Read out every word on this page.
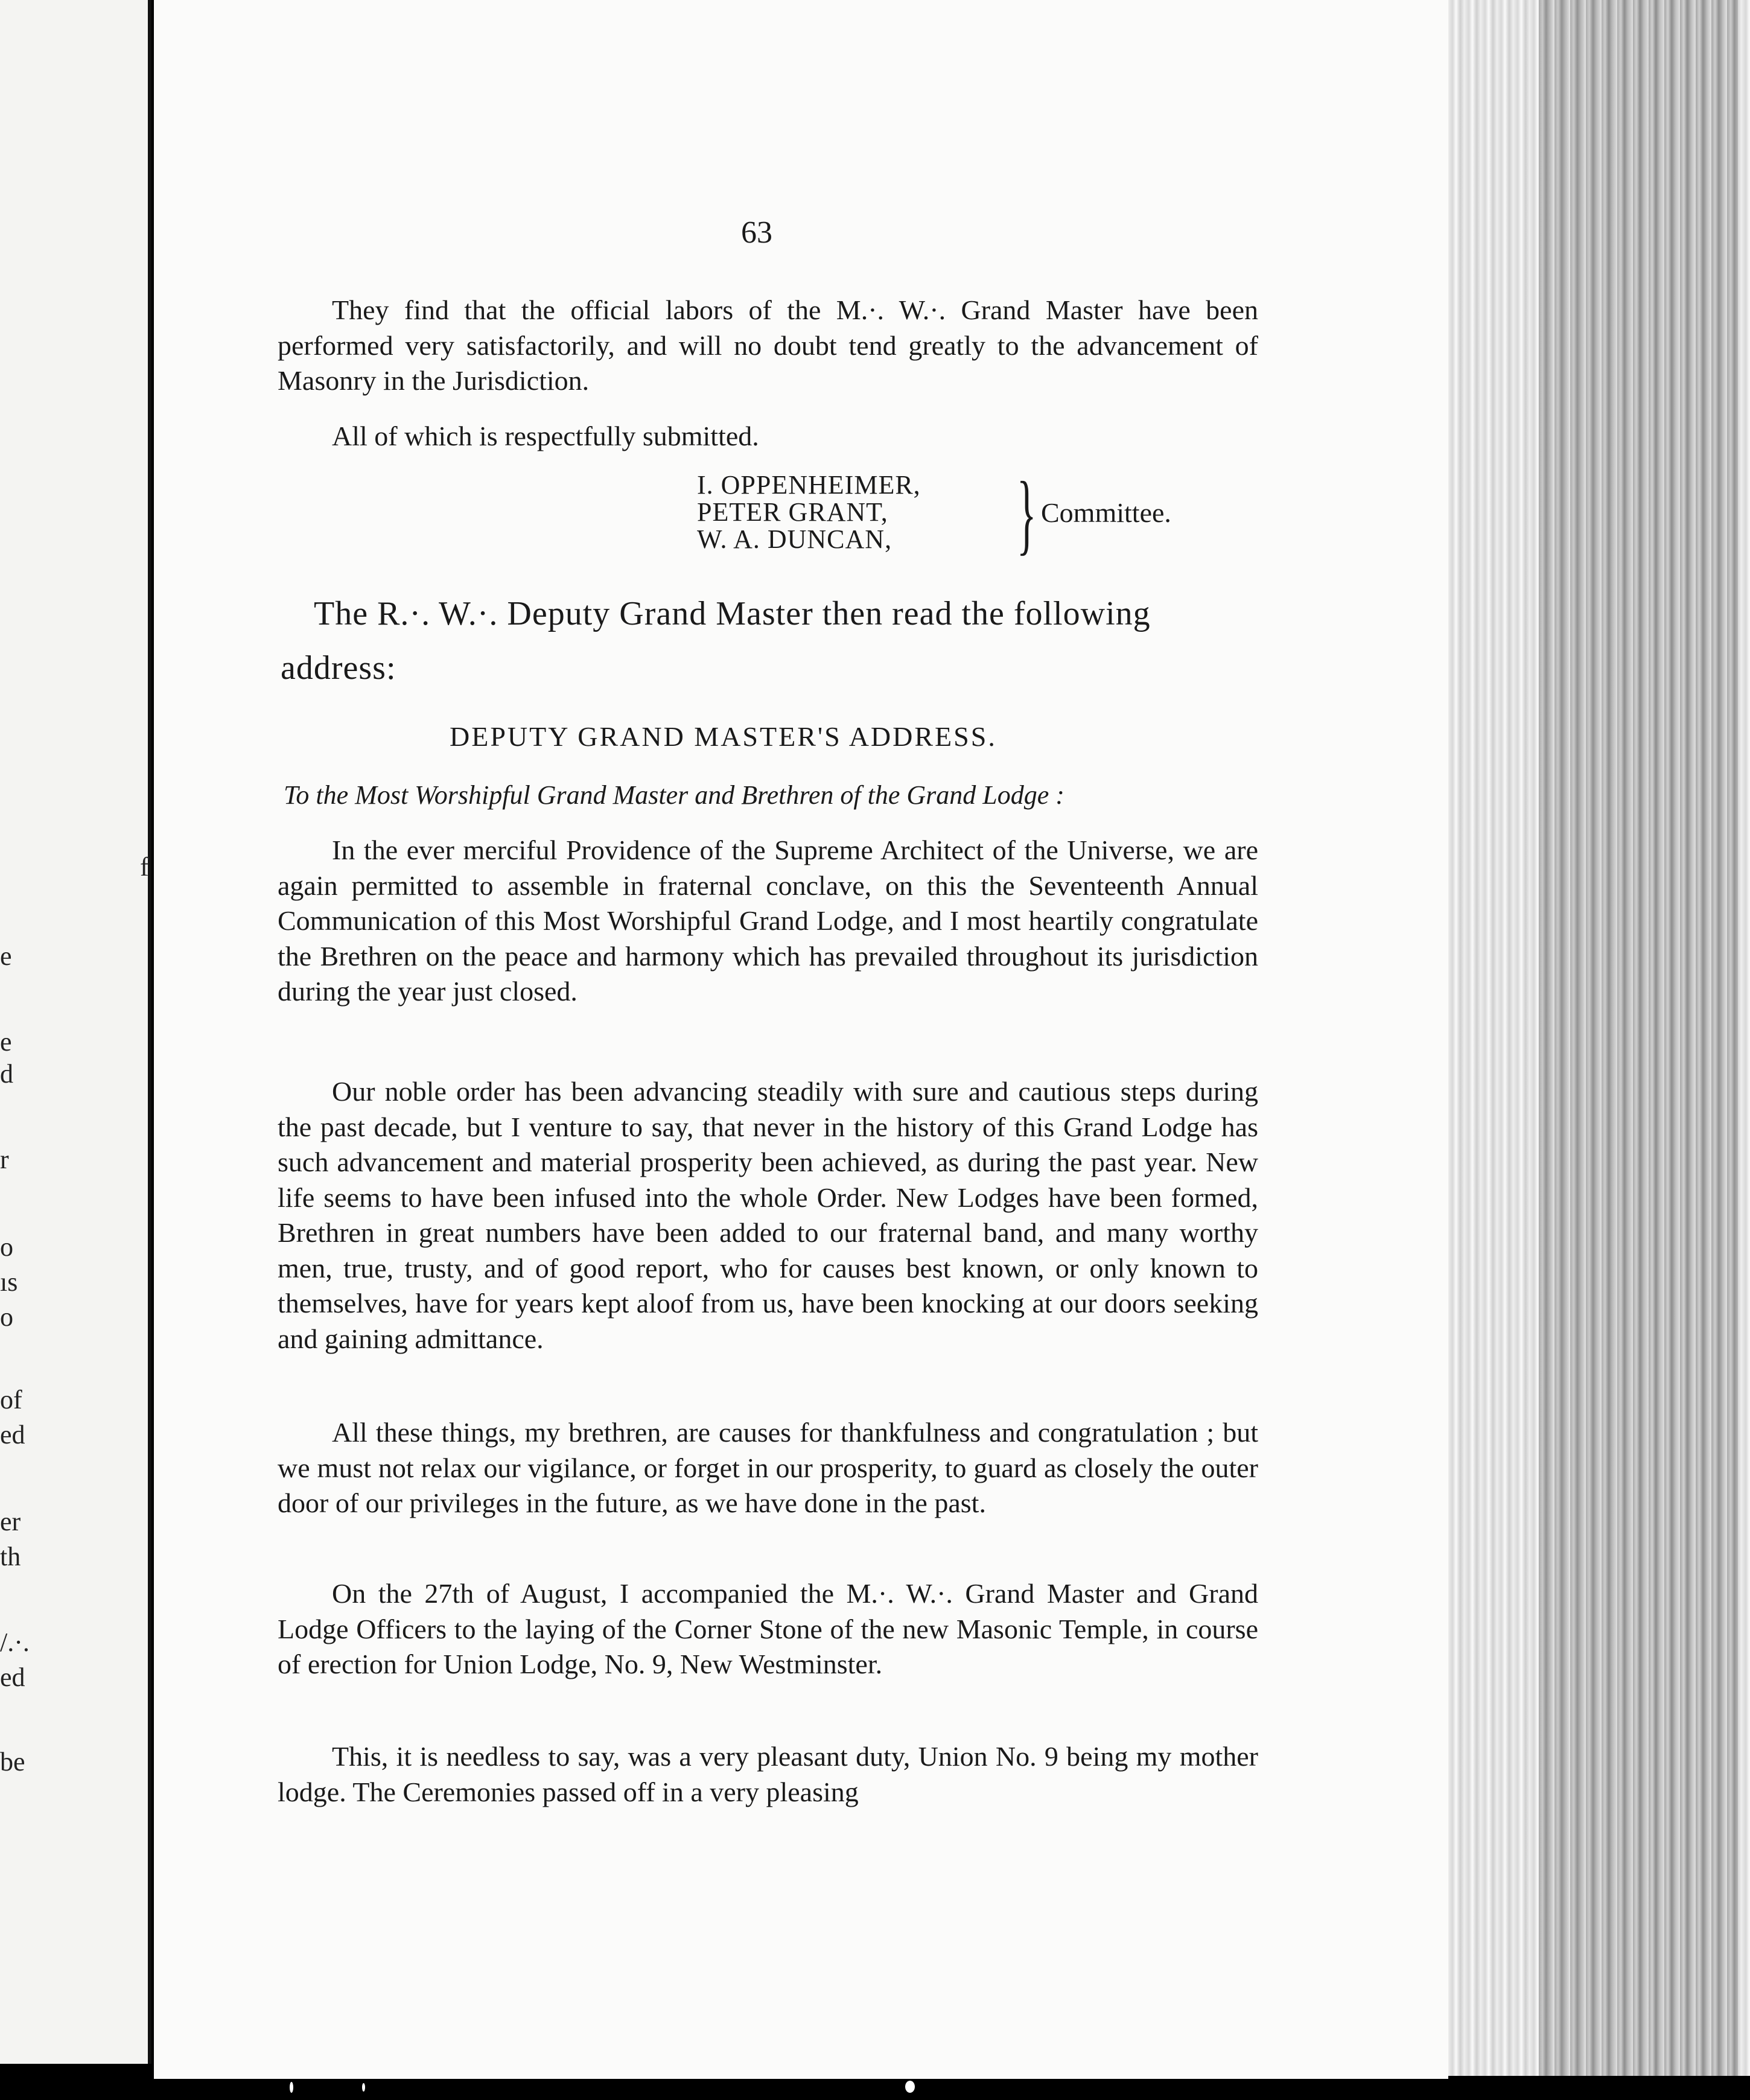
f
e
e
d
r
o
ıs
o
of
ed
er
th
/.·.
ed
be
63

They find that the official labors of the M.·. W.·. Grand Master have been performed very satisfactorily, and will no doubt tend greatly to the advancement of Masonry in the Jurisdiction.

All of which is respectfully submitted.
I. OPPENHEIMER,
PETER GRANT,
W. A. DUNCAN, } Committee.
The R.·. W.·. Deputy Grand Master then read the following
address:
DEPUTY GRAND MASTER'S ADDRESS.
To the Most Worshipful Grand Master and Brethren of the Grand Lodge :

In the ever merciful Providence of the Supreme Architect of the Universe, we are again permitted to assemble in fraternal conclave, on this the Seventeenth Annual Communication of this Most Worshipful Grand Lodge, and I most heartily congratulate the Brethren on the peace and harmony which has prevailed throughout its jurisdiction during the year just closed.

Our noble order has been advancing steadily with sure and cautious steps during the past decade, but I venture to say, that never in the history of this Grand Lodge has such advancement and material prosperity been achieved, as during the past year. New life seems to have been infused into the whole Order. New Lodges have been formed, Brethren in great numbers have been added to our fraternal band, and many worthy men, true, trusty, and of good report, who for causes best known, or only known to themselves, have for years kept aloof from us, have been knocking at our doors seeking and gaining admittance.

All these things, my brethren, are causes for thankfulness and congratulation ; but we must not relax our vigilance, or forget in our prosperity, to guard as closely the outer door of our privileges in the future, as we have done in the past.

On the 27th of August, I accompanied the M.·. W.·. Grand Master and Grand Lodge Officers to the laying of the Corner Stone of the new Masonic Temple, in course of erection for Union Lodge, No. 9, New Westminster.

This, it is needless to say, was a very pleasant duty, Union No. 9 being my mother lodge. The Ceremonies passed off in a very pleasing
